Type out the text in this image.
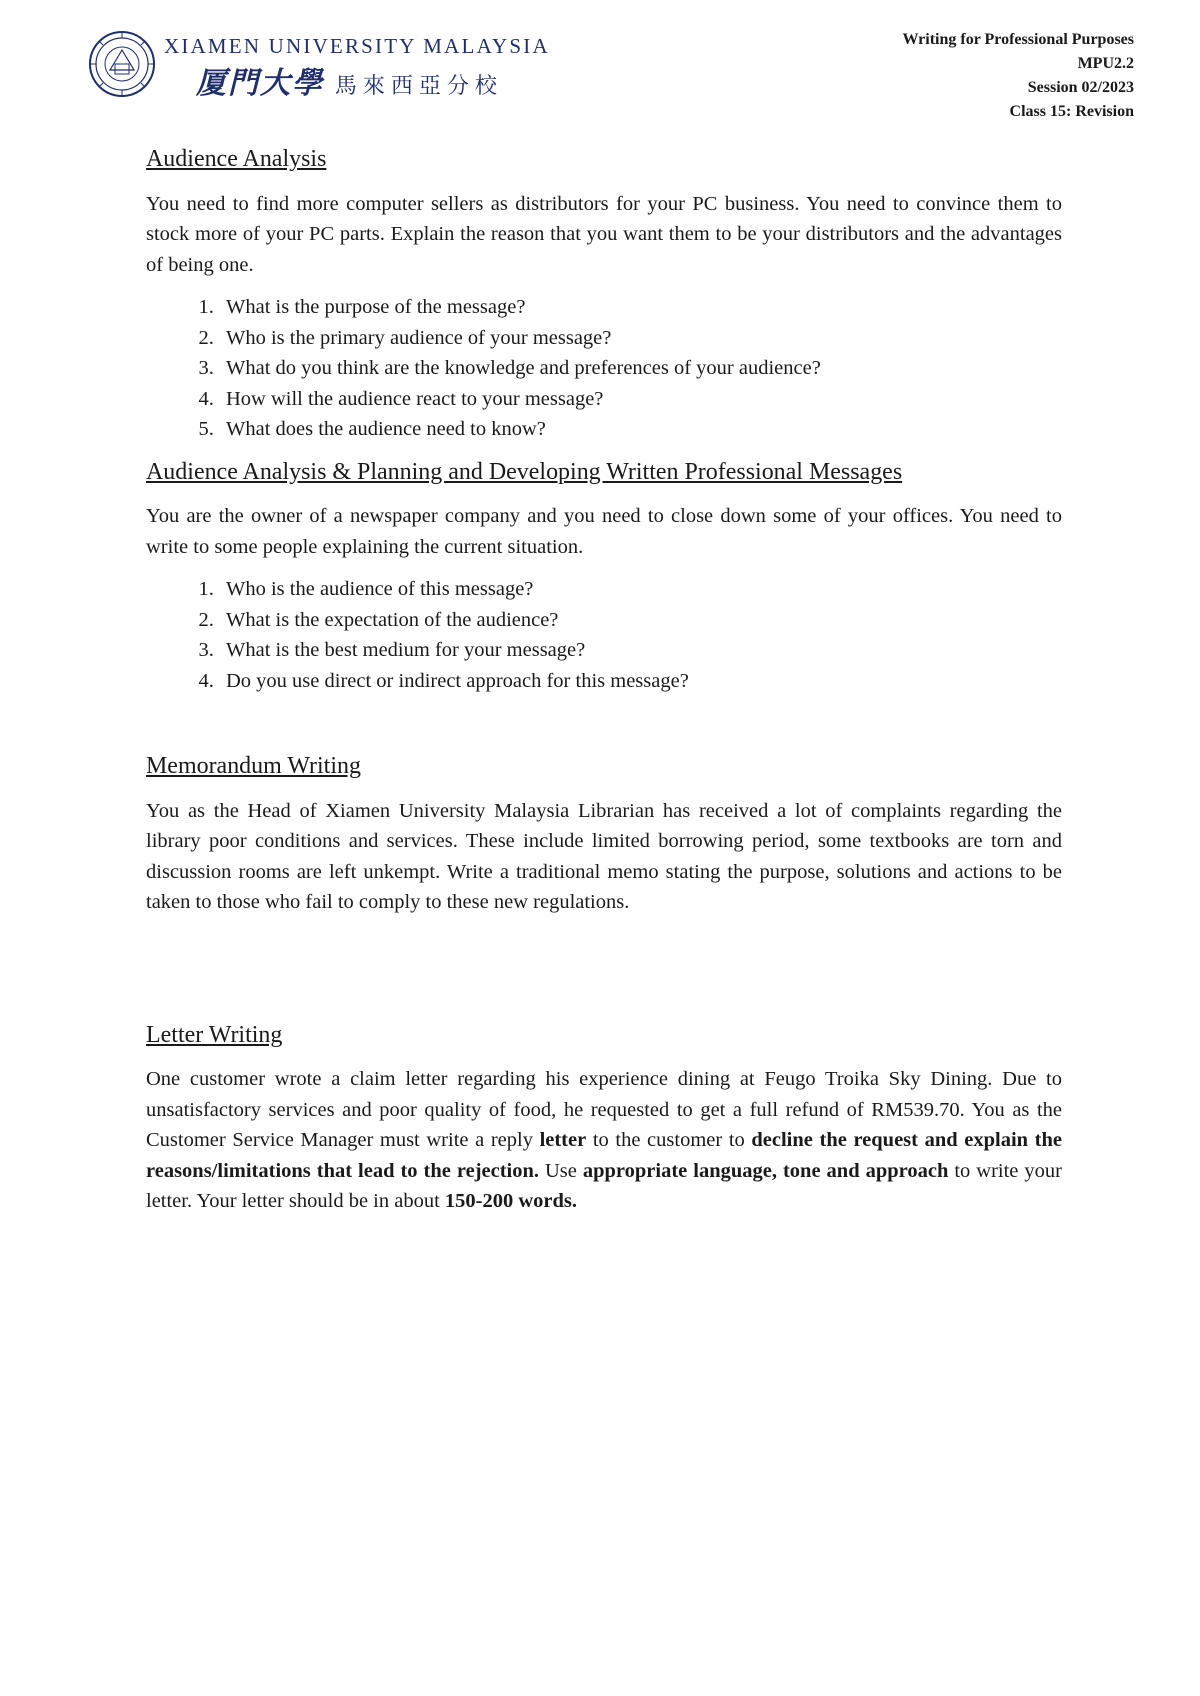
XIAMEN UNIVERSITY MALAYSIA
厦門大學 馬來西亞分校
Writing for Professional Purposes
MPU2.2
Session 02/2023
Class 15: Revision
Audience Analysis

You need to find more computer sellers as distributors for your PC business. You need to convince them to stock more of your PC parts. Explain the reason that you want them to be your distributors and the advantages of being one.

1. What is the purpose of the message?
2. Who is the primary audience of your message?
3. What do you think are the knowledge and preferences of your audience?
4. How will the audience react to your message?
5. What does the audience need to know?
Audience Analysis & Planning and Developing Written Professional Messages

You are the owner of a newspaper company and you need to close down some of your offices. You need to write to some people explaining the current situation.

1. Who is the audience of this message?
2. What is the expectation of the audience?
3. What is the best medium for your message?
4. Do you use direct or indirect approach for this message?
Memorandum Writing

You as the Head of Xiamen University Malaysia Librarian has received a lot of complaints regarding the library poor conditions and services. These include limited borrowing period, some textbooks are torn and discussion rooms are left unkempt. Write a traditional memo stating the purpose, solutions and actions to be taken to those who fail to comply to these new regulations.

Letter Writing

One customer wrote a claim letter regarding his experience dining at Feugo Troika Sky Dining. Due to unsatisfactory services and poor quality of food, he requested to get a full refund of RM539.70. You as the Customer Service Manager must write a reply letter to the customer to decline the request and explain the reasons/limitations that lead to the rejection. Use appropriate language, tone and approach to write your letter. Your letter should be in about 150-200 words.
